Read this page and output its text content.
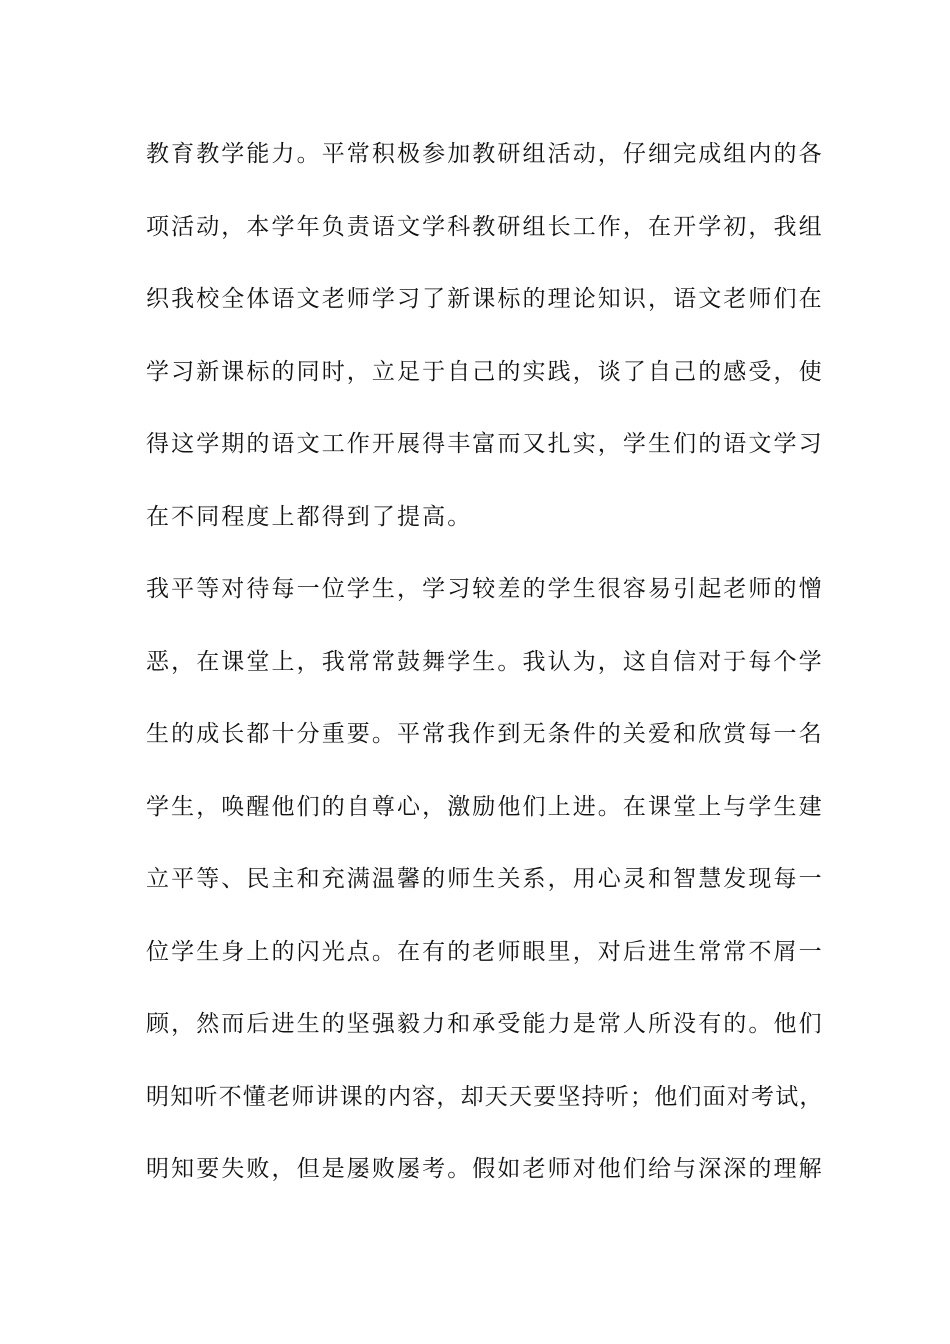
教育教学能力。平常积极参加教研组活动，仔细完成组内的各
项活动，本学年负责语文学科教研组长工作，在开学初，我组
织我校全体语文老师学习了新课标的理论知识，语文老师们在
学习新课标的同时，立足于自己的实践，谈了自己的感受，使
得这学期的语文工作开展得丰富而又扎实，学生们的语文学习
在不同程度上都得到了提高。
我平等对待每一位学生，学习较差的学生很容易引起老师的憎
恶，在课堂上，我常常鼓舞学生。我认为，这自信对于每个学
生的成长都十分重要。平常我作到无条件的关爱和欣赏每一名
学生，唤醒他们的自尊心，激励他们上进。在课堂上与学生建
立平等、民主和充满温馨的师生关系，用心灵和智慧发现每一
位学生身上的闪光点。在有的老师眼里，对后进生常常不屑一
顾，然而后进生的坚强毅力和承受能力是常人所没有的。他们
明知听不懂老师讲课的内容，却天天要坚持听；他们面对考试，
明知要失败，但是屡败屡考。假如老师对他们给与深深的理解
